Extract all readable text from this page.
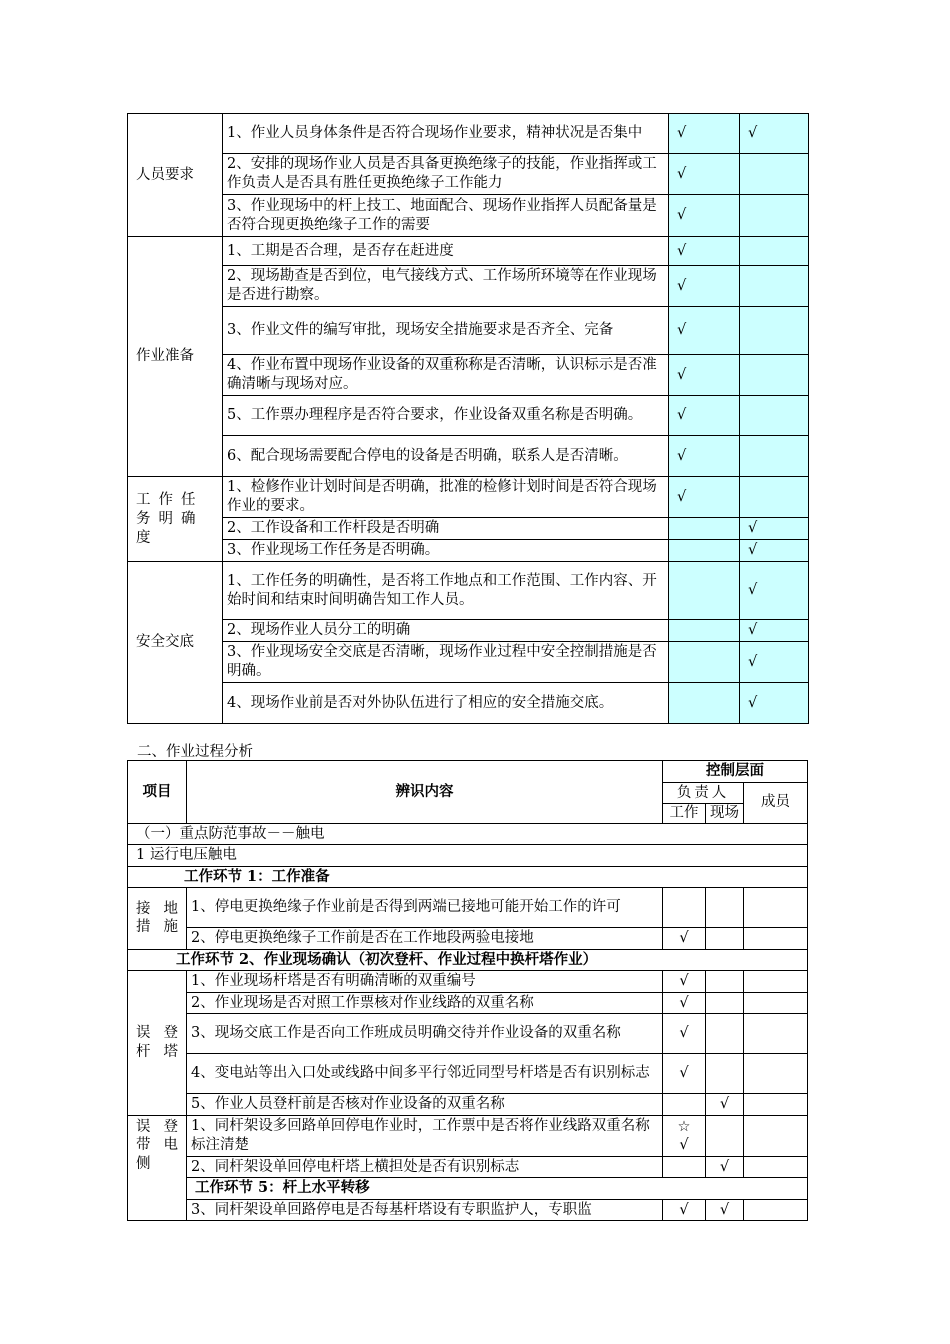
人员要求	1、作业人员身体条件是否符合现场作业要求，精神状况是否集中	√	√
	2、安排的现场作业人员是否具备更换绝缘子的技能，作业指挥或工作负责人是否具有胜任更换绝缘子工作能力	√	
	3、作业现场中的杆上技工、地面配合、现场作业指挥人员配备量是否符合现更换绝缘子工作的需要	√	
作业准备	1、工期是否合理，是否存在赶进度	√	
	2、现场勘查是否到位，电气接线方式、工作场所环境等在作业现场是否进行勘察。	√	
	3、作业文件的编写审批，现场安全措施要求是否齐全、完备	√	
	4、作业布置中现场作业设备的双重称称是否清晰，认识标示是否准确清晰与现场对应。	√	
	5、工作票办理程序是否符合要求，作业设备双重名称是否明确。	√	
	6、配合现场需要配合停电的设备是否明确，联系人是否清晰。	√	
工作任务明确度	1、检修作业计划时间是否明确，批准的检修计划时间是否符合现场作业的要求。	√	
	2、工作设备和工作杆段是否明确		√
	3、作业现场工作任务是否明确。		√
安全交底	1、工作任务的明确性，是否将工作地点和工作范围、工作内容、开始时间和结束时间明确告知工作人员。		√
	2、现场作业人员分工的明确		√
	3、作业现场安全交底是否清晰，现场作业过程中安全控制措施是否明确。		√
	4、现场作业前是否对外协队伍进行了相应的安全措施交底。		√
二、作业过程分析
项目	辨识内容	控制层面		
		负责人		成员
		工作	现场	
（一）重点防范事故－－触电				
1 运行电压触电				
工作环节 1：工作准备				
接地措施	1、停电更换绝缘子作业前是否得到两端已接地可能开始工作的许可			
	2、停电更换绝缘子工作前是否在工作地段两验电接地	√		
工作环节 2、作业现场确认（初次登杆、作业过程中换杆塔作业）				
误登杆塔	1、作业现场杆塔是否有明确清晰的双重编号	√		
	2、作业现场是否对照工作票核对作业线路的双重名称	√		
	3、现场交底工作是否向工作班成员明确交待并作业设备的双重名称	√		
	4、变电站等出入口处或线路中间多平行邻近同型号杆塔是否有识别标志	√		
	5、作业人员登杆前是否核对作业设备的双重名称		√	
误登带电侧	1、同杆架设多回路单回停电作业时，工作票中是否将作业线路双重名称标注清楚	☆
√		
	2、同杆架设单回停电杆塔上横担处是否有识别标志		√	
	工作环节 5：杆上水平转移			
	3、同杆架设单回路停电是否每基杆塔设有专职监护人，专职监	√	√	
